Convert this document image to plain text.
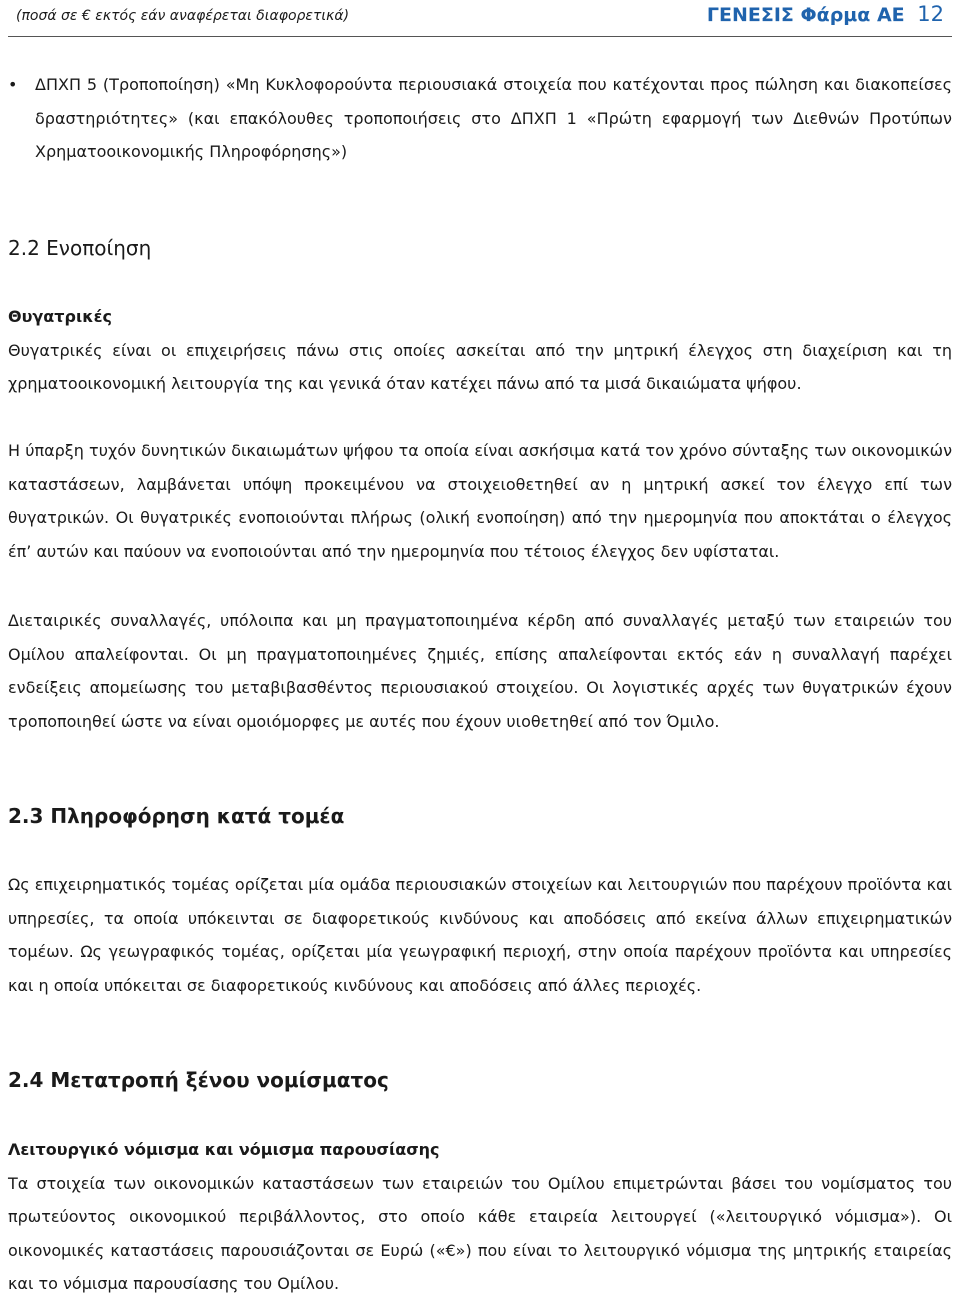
(ποσά σε € εκτός εάν αναφέρεται διαφορετικά)	ΓΕΝΕΣΙΣ Φάρμα ΑΕ 12
•	ΔΠΧΠ 5 (Τροποποίηση) «Μη Κυκλοφορούντα περιουσιακά στοιχεία που κατέχονται προς πώληση και διακοπείσες δραστηριότητες» (και επακόλουθες τροποποιήσεις στο ΔΠΧΠ 1 «Πρώτη εφαρμογή των Διεθνών Προτύπων Χρηματοοικονομικής Πληροφόρησης»)
2.2 Ενοποίηση
Θυγατρικές

Θυγατρικές είναι οι επιχειρήσεις πάνω στις οποίες ασκείται από την μητρική έλεγχος στη διαχείριση και τη χρηματοοικονομική λειτουργία της και γενικά όταν κατέχει πάνω από τα μισά δικαιώματα ψήφου.

Η ύπαρξη τυχόν δυνητικών δικαιωμάτων ψήφου τα οποία είναι ασκήσιμα κατά τον χρόνο σύνταξης των οικονομικών καταστάσεων, λαμβάνεται υπόψη προκειμένου να στοιχειοθετηθεί αν η μητρική ασκεί τον έλεγχο επί των θυγατρικών. Οι θυγατρικές ενοποιούνται πλήρως (ολική ενοποίηση) από την ημερομηνία που αποκτάται ο έλεγχος έπ’ αυτών και παύουν να ενοποιούνται από την ημερομηνία που τέτοιος έλεγχος δεν υφίσταται.

Διεταιρικές συναλλαγές, υπόλοιπα και μη πραγματοποιημένα κέρδη από συναλλαγές μεταξύ των εταιρειών του Ομίλου απαλείφονται. Οι μη πραγματοποιημένες ζημιές, επίσης απαλείφονται εκτός εάν η συναλλαγή παρέχει ενδείξεις απομείωσης του μεταβιβασθέντος περιουσιακού στοιχείου. Οι λογιστικές αρχές των θυγατρικών έχουν τροποποιηθεί ώστε να είναι ομοιόμορφες με αυτές που έχουν υιοθετηθεί από τον Όμιλο.

2.3 Πληροφόρηση κατά τομέα

Ως επιχειρηματικός τομέας ορίζεται μία ομάδα περιουσιακών στοιχείων και λειτουργιών που παρέχουν προϊόντα και υπηρεσίες, τα οποία υπόκεινται σε διαφορετικούς κινδύνους και αποδόσεις από εκείνα άλλων επιχειρηματικών τομέων. Ως γεωγραφικός τομέας, ορίζεται μία γεωγραφική περιοχή, στην οποία παρέχουν προϊόντα και υπηρεσίες και η οποία υπόκειται σε διαφορετικούς κινδύνους και αποδόσεις από άλλες περιοχές.

2.4 Μετατροπή ξένου νομίσματος
Λειτουργικό νόμισμα και νόμισμα παρουσίασης

Τα στοιχεία των οικονομικών καταστάσεων των εταιρειών του Ομίλου επιμετρώνται βάσει του νομίσματος του πρωτεύοντος οικονομικού περιβάλλοντος, στο οποίο κάθε εταιρεία λειτουργεί («λειτουργικό νόμισμα»). Οι οικονομικές καταστάσεις παρουσιάζονται σε Ευρώ («€») που είναι το λειτουργικό νόμισμα της μητρικής εταιρείας και το νόμισμα παρουσίασης του Ομίλου.
